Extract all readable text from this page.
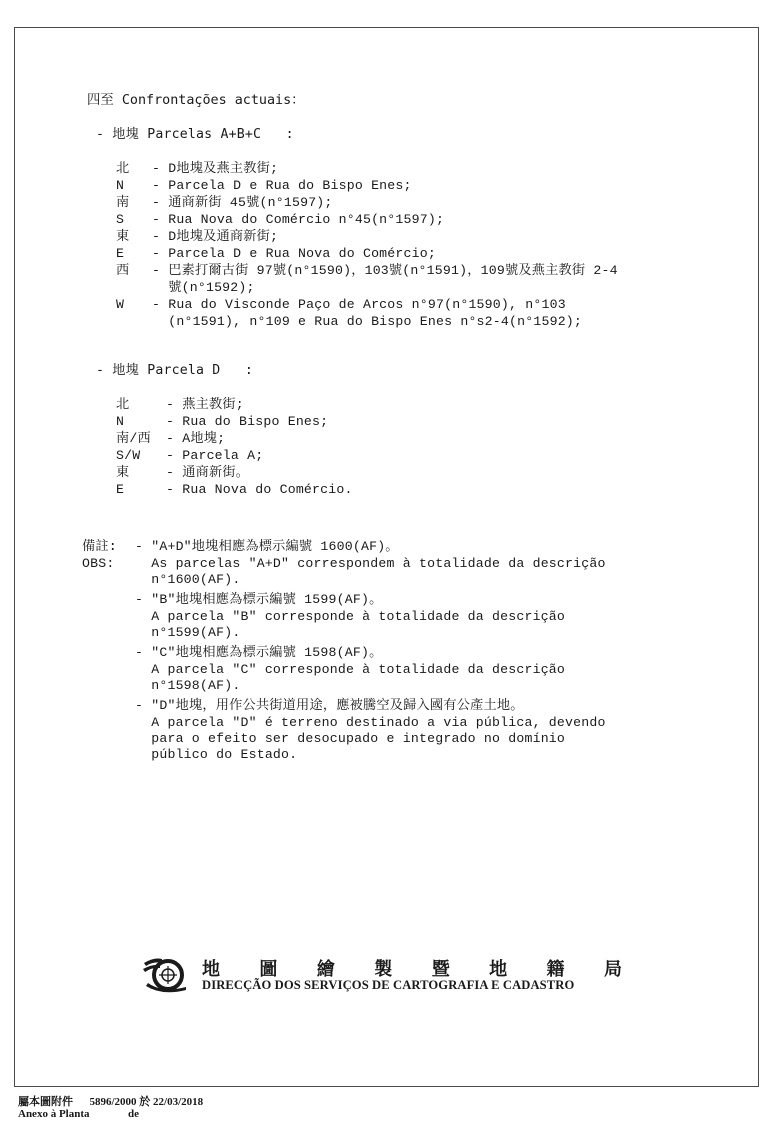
四至 Confrontações actuais：
- 地塊 Parcelas A+B+C   :
北 - D地塊及燕主教街;
N - Parcela D e Rua do Bispo Enes;
南 - 通商新街 45號(n°1597);
S - Rua Nova do Comércio n°45(n°1597);
東 - D地塊及通商新街;
E - Parcela D e Rua Nova do Comércio;
西 - 巴素打爾古街 97號(n°1590)，103號(n°1591)，109號及燕主教街 2-4
號(n°1592);
W - Rua do Visconde Paço de Arcos n°97(n°1590), n°103
(n°1591), n°109 e Rua do Bispo Enes n°s2-4(n°1592);
- 地塊 Parcela D   :
北	- 燕主教街;
N	- Rua do Bispo Enes;
南/西 - A地塊;
S/W - Parcela A;
東	- 通商新街。
E	- Rua Nova do Comércio.
備註:
OBS:
- "A+D"地塊相應為標示編號 1600(AF)。
As parcelas "A+D" correspondem à totalidade da descrição
n°1600(AF).
- "B"地塊相應為標示編號 1599(AF)。
A parcela "B" corresponde à totalidade da descrição
n°1599(AF).
- "C"地塊相應為標示編號 1598(AF)。
A parcela "C" corresponde à totalidade da descrição
n°1598(AF).
- "D"地塊，用作公共街道用途，應被騰空及歸入國有公產土地。
A parcela "D" é terreno destinado a via pública, devendo
para o efeito ser desocupado e integrado no domínio
público do Estado.
地 圖 繪 製 暨 地 籍 局
DIRECÇÃO DOS SERVIÇOS DE CARTOGRAFIA E CADASTRO
屬本圖附件      5896/2000 於 22/03/2018
Anexo à Planta              de
